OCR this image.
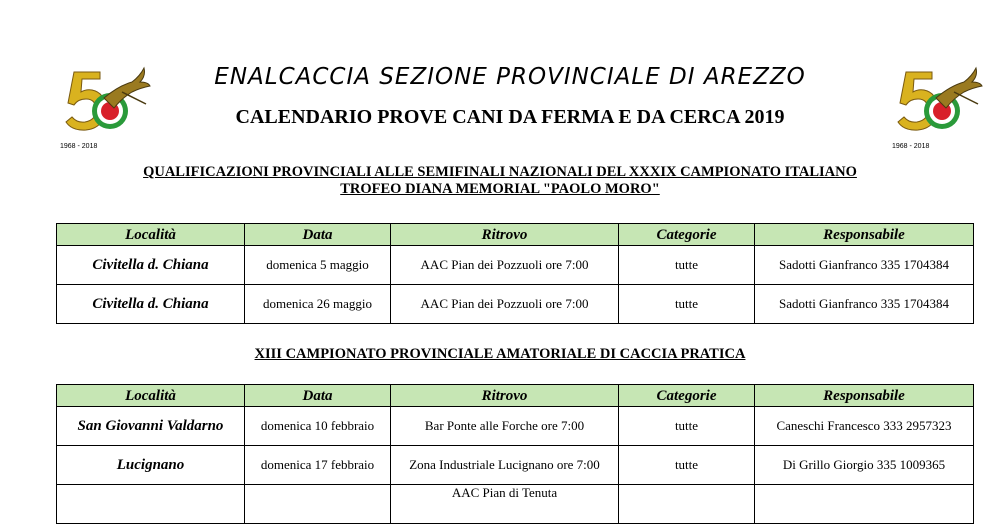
1968 - 2018	1968 - 2018
ENALCACCIA SEZIONE PROVINCIALE DI AREZZO
CALENDARIO PROVE CANI DA FERMA E DA CERCA 2019
QUALIFICAZIONI PROVINCIALI ALLE SEMIFINALI NAZIONALI DEL XXXIX CAMPIONATO ITALIANO
TROFEO DIANA MEMORIAL "PAOLO MORO"
Località	Data	Ritrovo	Categorie	Responsabile
Civitella d. Chiana	domenica 5 maggio	AAC Pian dei Pozzuoli ore 7:00	tutte	Sadotti Gianfranco 335 1704384
Civitella d. Chiana	domenica 26 maggio	AAC Pian dei Pozzuoli ore 7:00	tutte	Sadotti Gianfranco 335 1704384
XIII CAMPIONATO PROVINCIALE AMATORIALE DI CACCIA PRATICA
Località	Data	Ritrovo	Categorie	Responsabile
San Giovanni Valdarno	domenica 10 febbraio	Bar Ponte alle Forche ore 7:00	tutte	Caneschi Francesco 333 2957323
Lucignano	domenica 17 febbraio	Zona Industriale Lucignano ore 7:00	tutte	Di Grillo Giorgio 335 1009365
		AAC Pian di Tenuta		
